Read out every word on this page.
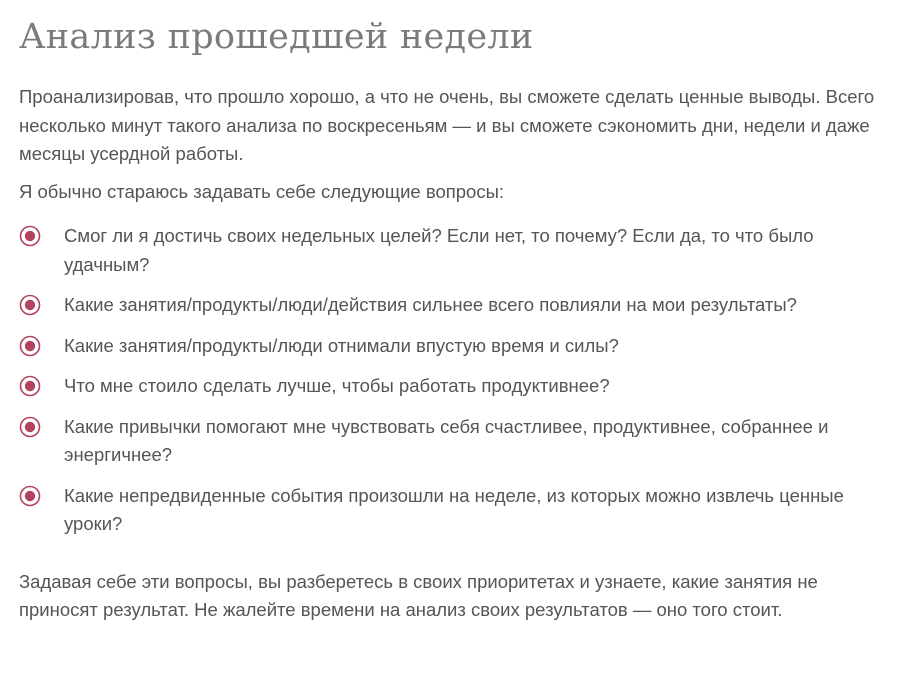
Анализ прошедшей недели

Проанализировав, что прошло хорошо, а что не очень, вы сможете сделать ценные выводы. Всего несколько минут такого анализа по воскресеньям — и вы сможете сэкономить дни, недели и даже месяцы усердной работы.

Я обычно стараюсь задавать себе следующие вопросы:

Смог ли я достичь своих недельных целей? Если нет, то почему? Если да, то что было удачным?
Какие занятия/продукты/люди/действия сильнее всего повлияли на мои результаты?
Какие занятия/продукты/люди отнимали впустую время и силы?
Что мне стоило сделать лучше, чтобы работать продуктивнее?
Какие привычки помогают мне чувствовать себя счастливее, продуктивнее, собраннее и энергичнее?
Какие непредвиденные события произошли на неделе, из которых можно извлечь ценные уроки?

Задавая себе эти вопросы, вы разберетесь в своих приоритетах и узнаете, какие занятия не приносят результат. Не жалейте времени на анализ своих результатов — оно того стоит.
